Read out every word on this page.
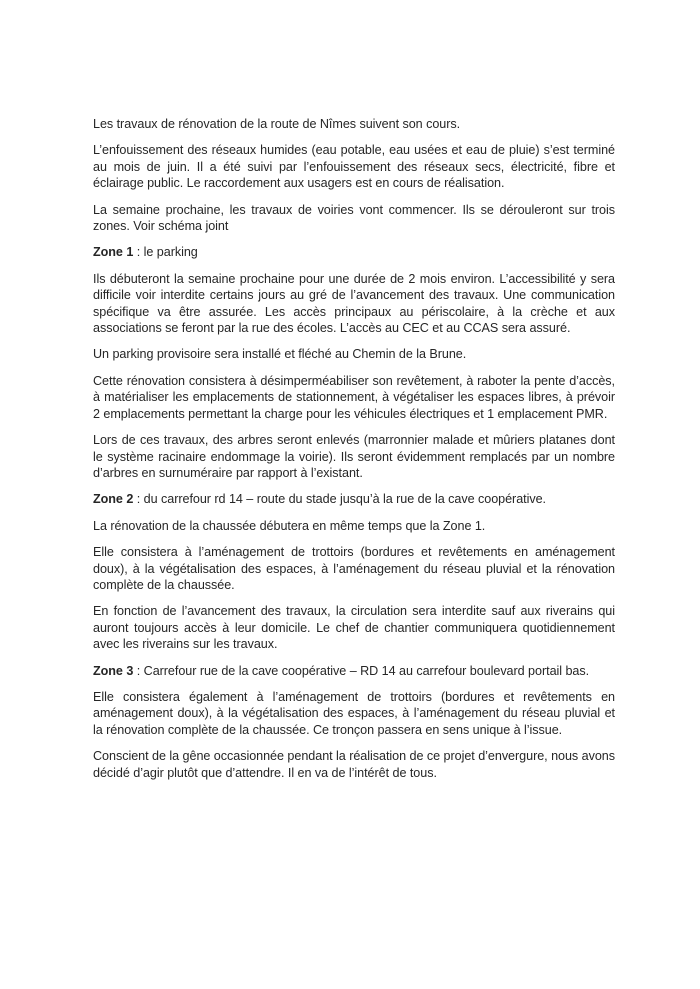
Les travaux de rénovation de la route de Nîmes suivent son cours.

L’enfouissement des réseaux humides (eau potable, eau usées et eau de pluie) s’est terminé au mois de juin. Il a été suivi par l’enfouissement des réseaux secs, électricité, fibre et éclairage public. Le raccordement aux usagers est en cours de réalisation.

La semaine prochaine, les travaux de voiries vont commencer. Ils se dérouleront sur trois zones. Voir schéma joint

Zone 1 : le parking

Ils débuteront la semaine prochaine pour une durée de 2 mois environ. L’accessibilité y sera difficile voir interdite certains jours au gré de l’avancement des travaux. Une communication spécifique va être assurée. Les accès principaux au périscolaire, à la crèche et aux associations se feront par la rue des écoles. L’accès au CEC et au CCAS sera assuré.

Un parking provisoire sera installé et fléché au Chemin de la Brune.

Cette rénovation consistera à désimperméabiliser son revêtement, à raboter la pente d’accès, à matérialiser les emplacements de stationnement, à végétaliser les espaces libres, à prévoir 2 emplacements permettant la charge pour les véhicules électriques et 1 emplacement PMR.

Lors de ces travaux, des arbres seront enlevés (marronnier malade et mûriers platanes dont le système racinaire endommage la voirie). Ils seront évidemment remplacés par un nombre d’arbres en surnuméraire par rapport à l’existant.

Zone 2 : du carrefour rd 14 – route du stade jusqu’à la rue de la cave coopérative.

La rénovation de la chaussée débutera en même temps que la Zone 1.

Elle consistera à l’aménagement de trottoirs (bordures et revêtements en aménagement doux), à la végétalisation des espaces, à l’aménagement du réseau pluvial et la rénovation complète de la chaussée.

En fonction de l’avancement des travaux, la circulation sera interdite sauf aux riverains qui auront toujours accès à leur domicile. Le chef de chantier communiquera quotidiennement avec les riverains sur les travaux.

Zone 3 : Carrefour rue de la cave coopérative – RD 14 au carrefour boulevard portail bas.

Elle consistera également à l’aménagement de trottoirs (bordures et revêtements en aménagement doux), à la végétalisation des espaces, à l’aménagement du réseau pluvial et la rénovation complète de la chaussée. Ce tronçon passera en sens unique à l’issue.

Conscient de la gêne occasionnée pendant la réalisation de ce projet d’envergure, nous avons décidé d’agir plutôt que d’attendre. Il en va de l’intérêt de tous.
